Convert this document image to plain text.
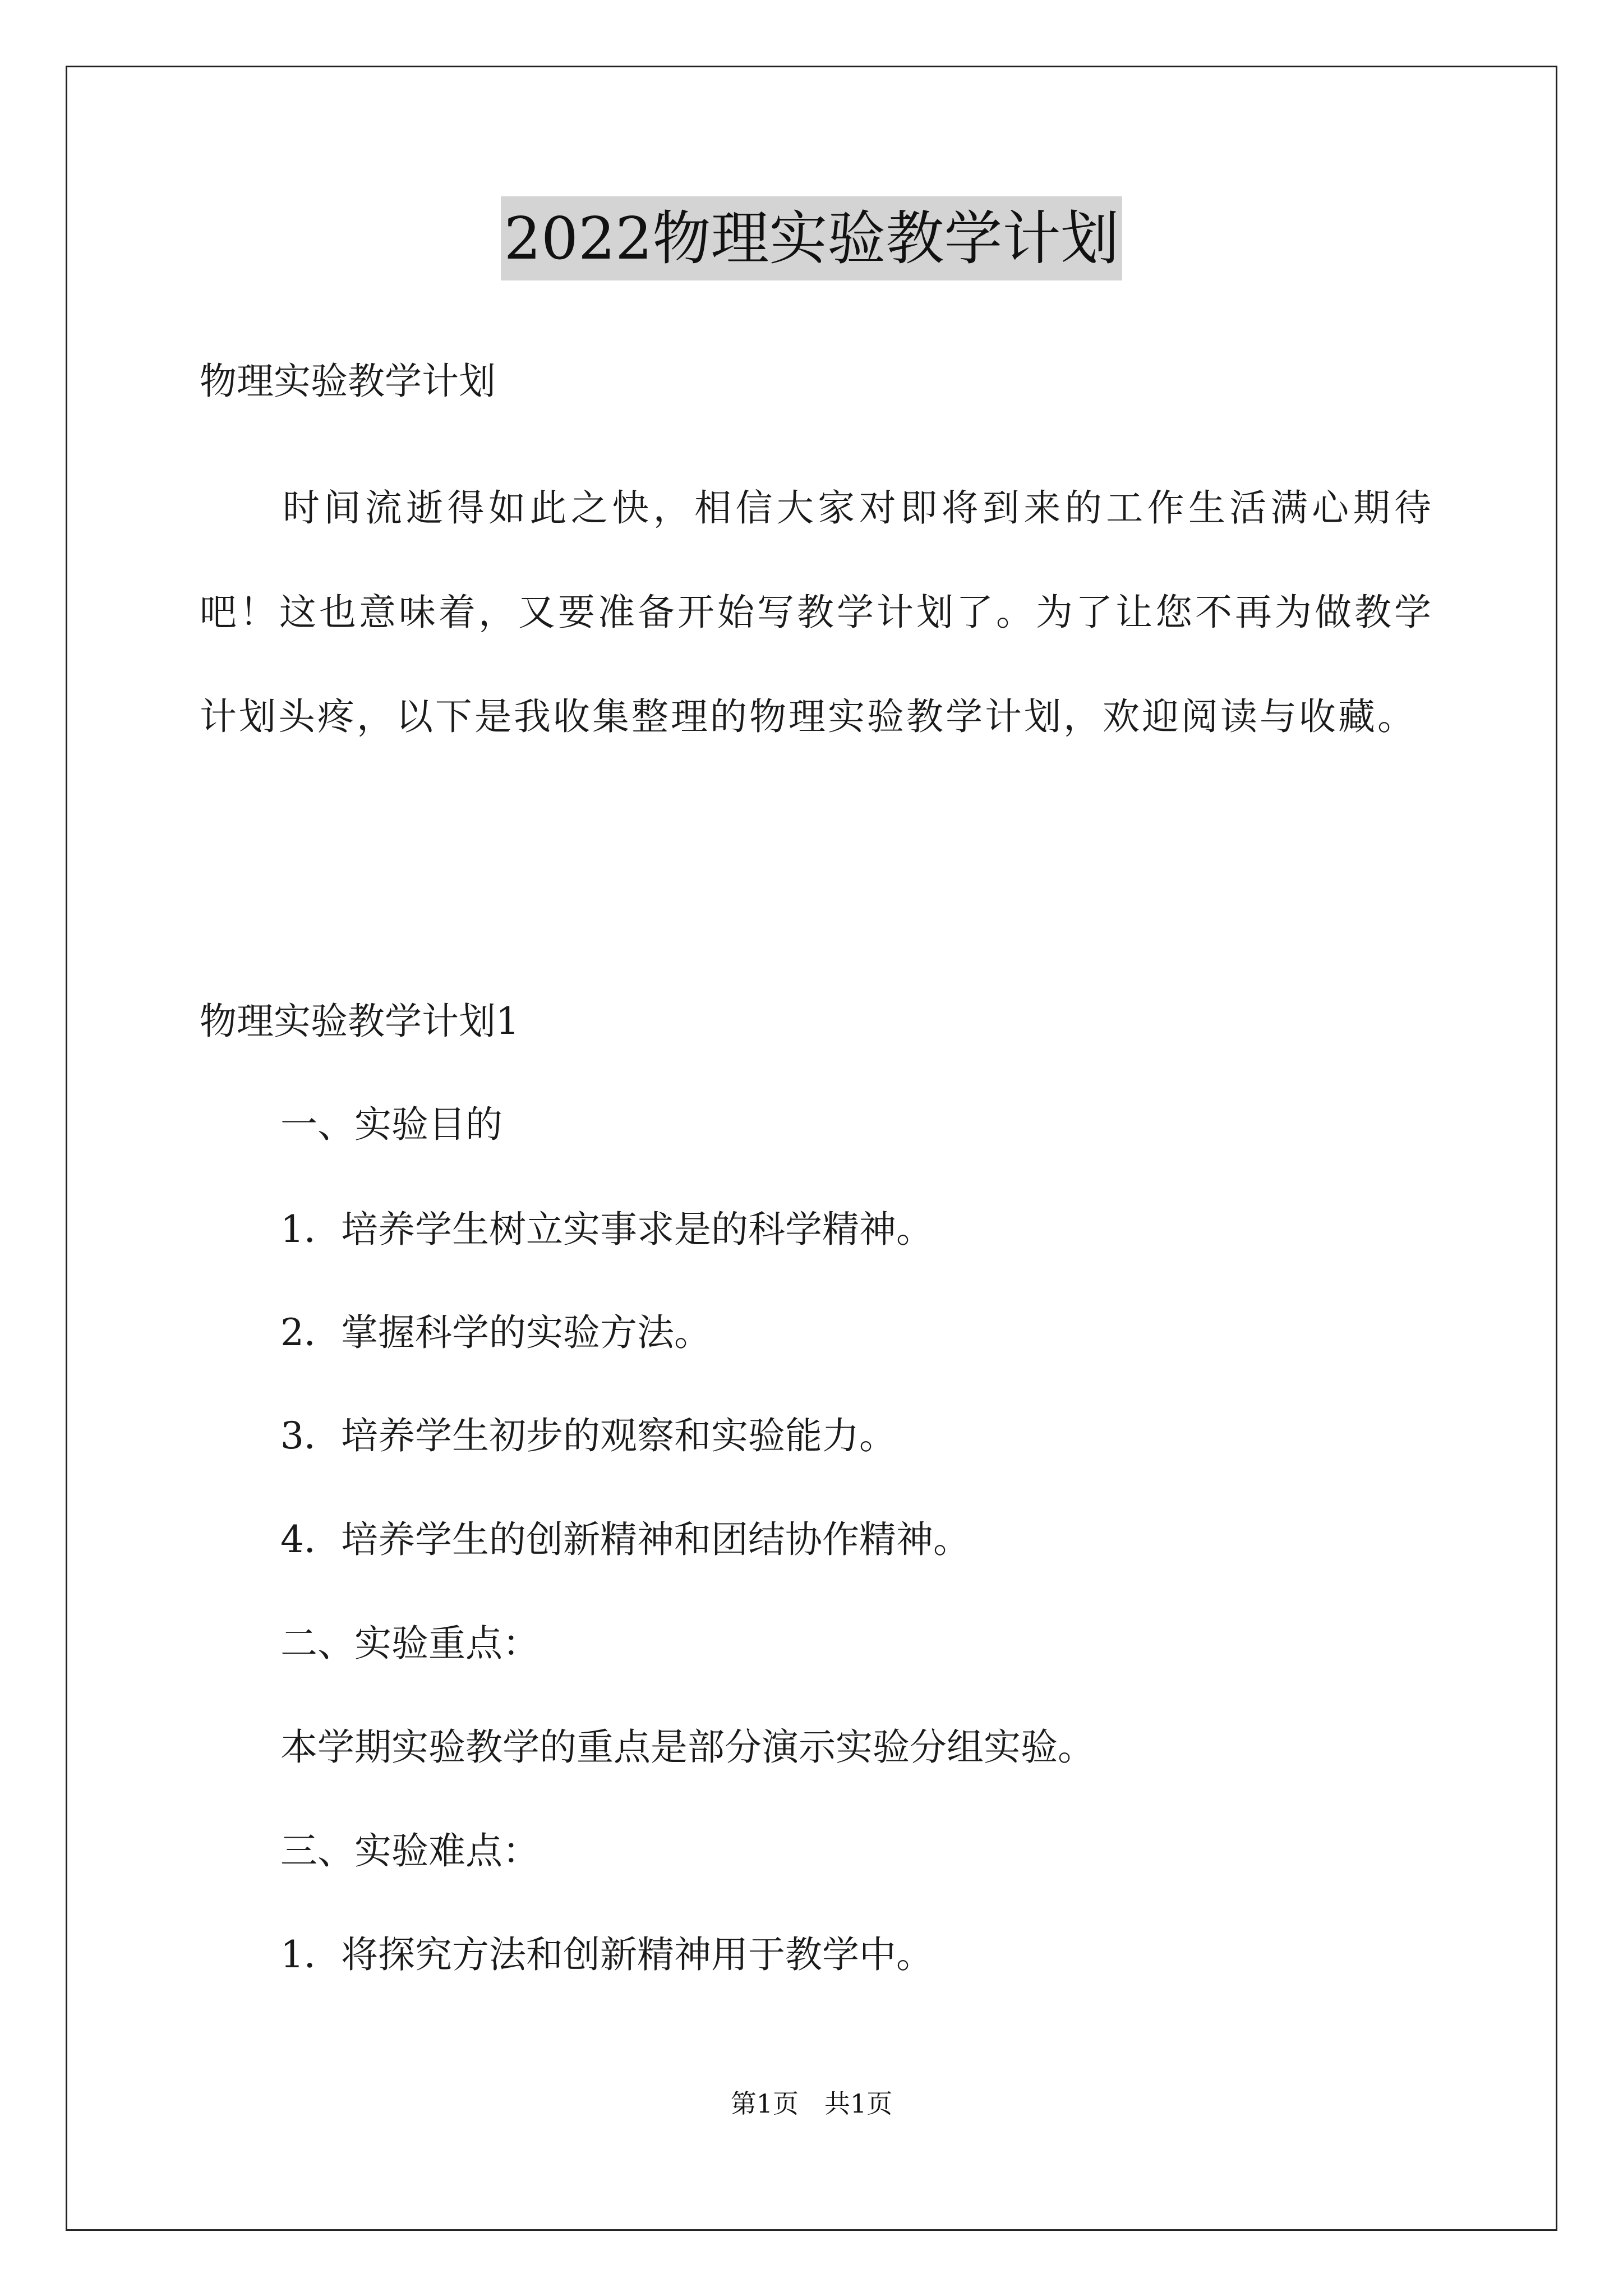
2022物理实验教学计划
物理实验教学计划
时间流逝得如此之快，相信大家对即将到来的工作生活满心期待吧！这也意味着，又要准备开始写教学计划了。为了让您不再为做教学计划头疼，以下是我收集整理的物理实验教学计划，欢迎阅读与收藏。
物理实验教学计划1
一、实验目的
1．培养学生树立实事求是的科学精神。
2．掌握科学的实验方法。
3．培养学生初步的观察和实验能力。
4．培养学生的创新精神和团结协作精神。
二、实验重点：
本学期实验教学的重点是部分演示实验分组实验。
三、实验难点：
1．将探究方法和创新精神用于教学中。
第1页　共1页
